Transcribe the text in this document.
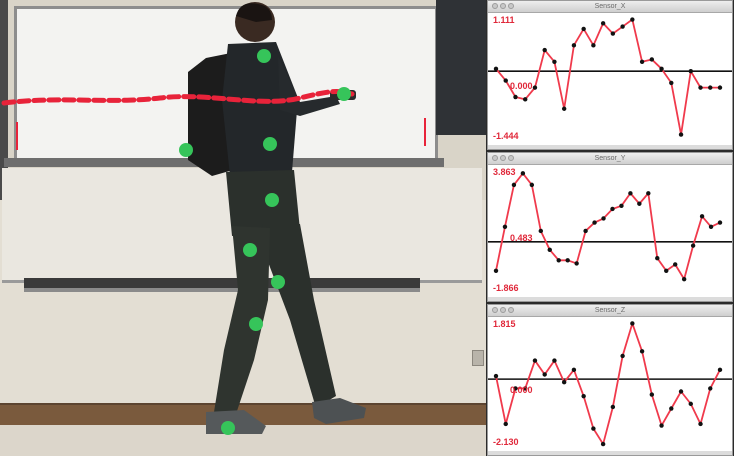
Sensor_X
1.111
0.000
-1.444
Sensor_Y
3.863
0.483
-1.866
Sensor_Z
1.815
0.000
-2.130
